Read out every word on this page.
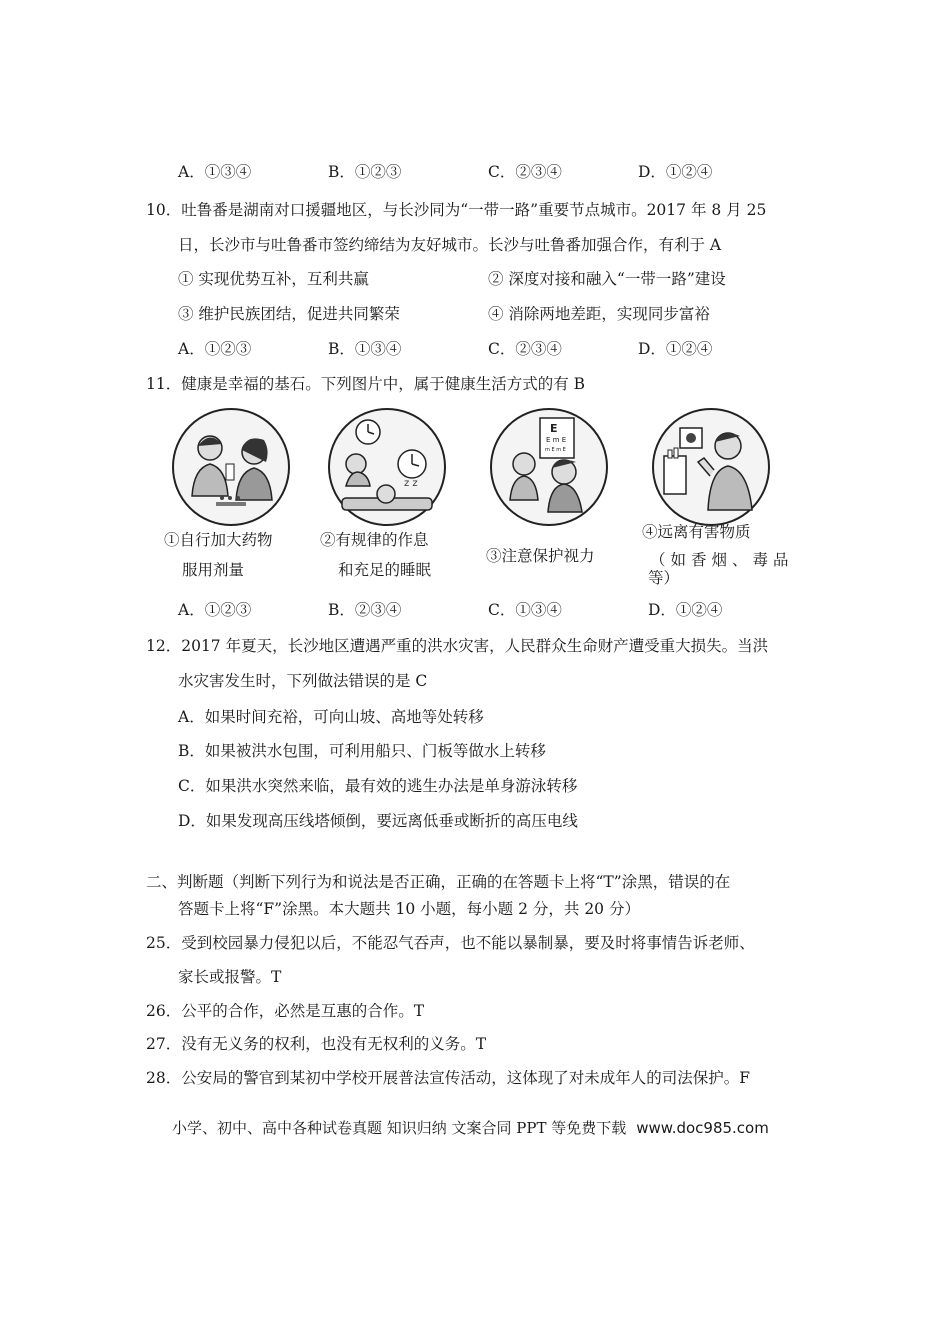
A．①③④	B．①②③	C．②③④	D．①②④
10．吐鲁番是湖南对口援疆地区，与长沙同为“一带一路”重要节点城市。2017 年 8 月 25
日，长沙市与吐鲁番市签约缔结为友好城市。长沙与吐鲁番加强合作，有利于 A
① 实现优势互补，互利共赢	② 深度对接和融入“一带一路”建设
③ 维护民族团结，促进共同繁荣	④ 消除两地差距，实现同步富裕
A．①②③	B．①③④	C．②③④	D．①②④
11．健康是幸福的基石。下列图片中，属于健康生活方式的有 B
z z
E
E m E
m E m E
①自行加大药物
服用剂量
②有规律的作息
和充足的睡眠
③注意保护视力
④远离有害物质
（如香烟、毒品
等）
A．①②③	B．②③④	C．①③④	D．①②④
12．2017 年夏天，长沙地区遭遇严重的洪水灾害，人民群众生命财产遭受重大损失。当洪
水灾害发生时，下列做法错误的是 C
A．如果时间充裕，可向山坡、高地等处转移
B．如果被洪水包围，可利用船只、门板等做水上转移
C．如果洪水突然来临，最有效的逃生办法是单身游泳转移
D．如果发现高压线塔倾倒，要远离低垂或断折的高压电线
二、判断题（判断下列行为和说法是否正确，正确的在答题卡上将“T”涂黑，错误的在
答题卡上将“F”涂黑。本大题共 10 小题，每小题 2 分，共 20 分）
25．受到校园暴力侵犯以后，不能忍气吞声，也不能以暴制暴，要及时将事情告诉老师、
家长或报警。T
26．公平的合作，必然是互惠的合作。T
27．没有无义务的权利，也没有无权利的义务。T
28．公安局的警官到某初中学校开展普法宣传活动，这体现了对未成年人的司法保护。F
小学、初中、高中各种试卷真题 知识归纳 文案合同 PPT 等免费下载 www.doc985.com
